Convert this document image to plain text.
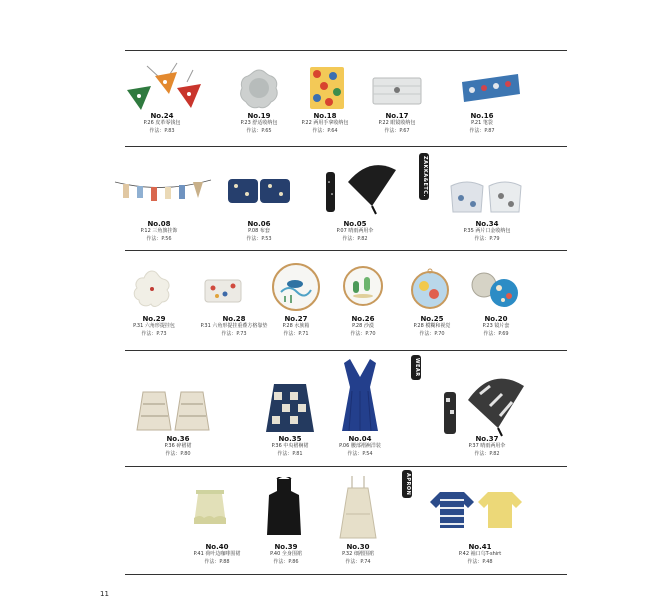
No.24
P.26 皮革零钱包
作法：P.83
No.19
P.23 舒适收纳包
作法：P.65
No.18
P.22 两用手拿收纳包
作法：P.64
No.17
P.22 眼镜收纳包
作法：P.67
No.16
P.21 笔袋
作法：P.87
No.08
P.12 三角旗挂饰
作法：P.56
No.06
P.08 布套
作法：P.53
ZAKKA&ETC.
No.05
P.07 晴雨两用伞
作法：P.82
No.34
P.35 两片口金收纳包
作法：P.79
No.29
P.31 六角形提挂包
作法：P.73
No.28
P.31 六角形提挂重叠方格靠垫
作法：P.73
No.27
P.28 水族箱
作法：P.71
No.26
P.28 沙漠
作法：P.70
No.25
P.28 模糊和视觉
作法：P.70
No.20
P.23 镜片套
作法：P.69
No.36
P.36 碎褶裙
作法：P.80
No.35
P.36 中央褶裥裙
作法：P.81
No.04
P.06 腰部褶裥洋装
作法：P.54
WEAR
No.37
P.37 晴雨两用伞
作法：P.82
No.40
P.41 荷叶边咖啡围裙
作法：P.88
No.39
P.40 全身围裙
作法：P.86
APRON
No.30
P.32 细褶围裙
作法：P.74
No.41
P.42 袖口乌T-shirt
作法：P.48
11
